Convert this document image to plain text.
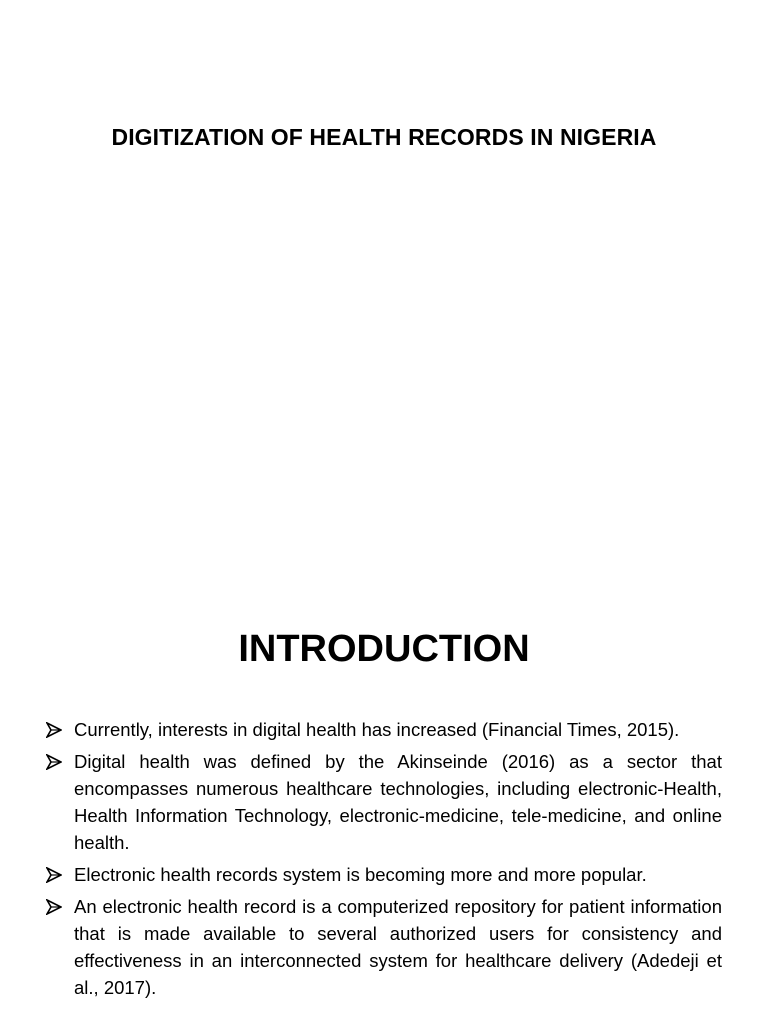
DIGITIZATION OF HEALTH RECORDS IN NIGERIA
INTRODUCTION
Currently, interests in digital health has increased (Financial Times, 2015).
Digital health was defined by the Akinseinde (2016) as a sector that encompasses numerous healthcare technologies, including electronic-Health, Health Information Technology, electronic-medicine, tele-medicine, and online health.
Electronic health records system is becoming more and more popular.
An electronic health record is a computerized repository for patient information that is made available to several authorized users for consistency and effectiveness in an interconnected system for healthcare delivery (Adedeji et al., 2017).
